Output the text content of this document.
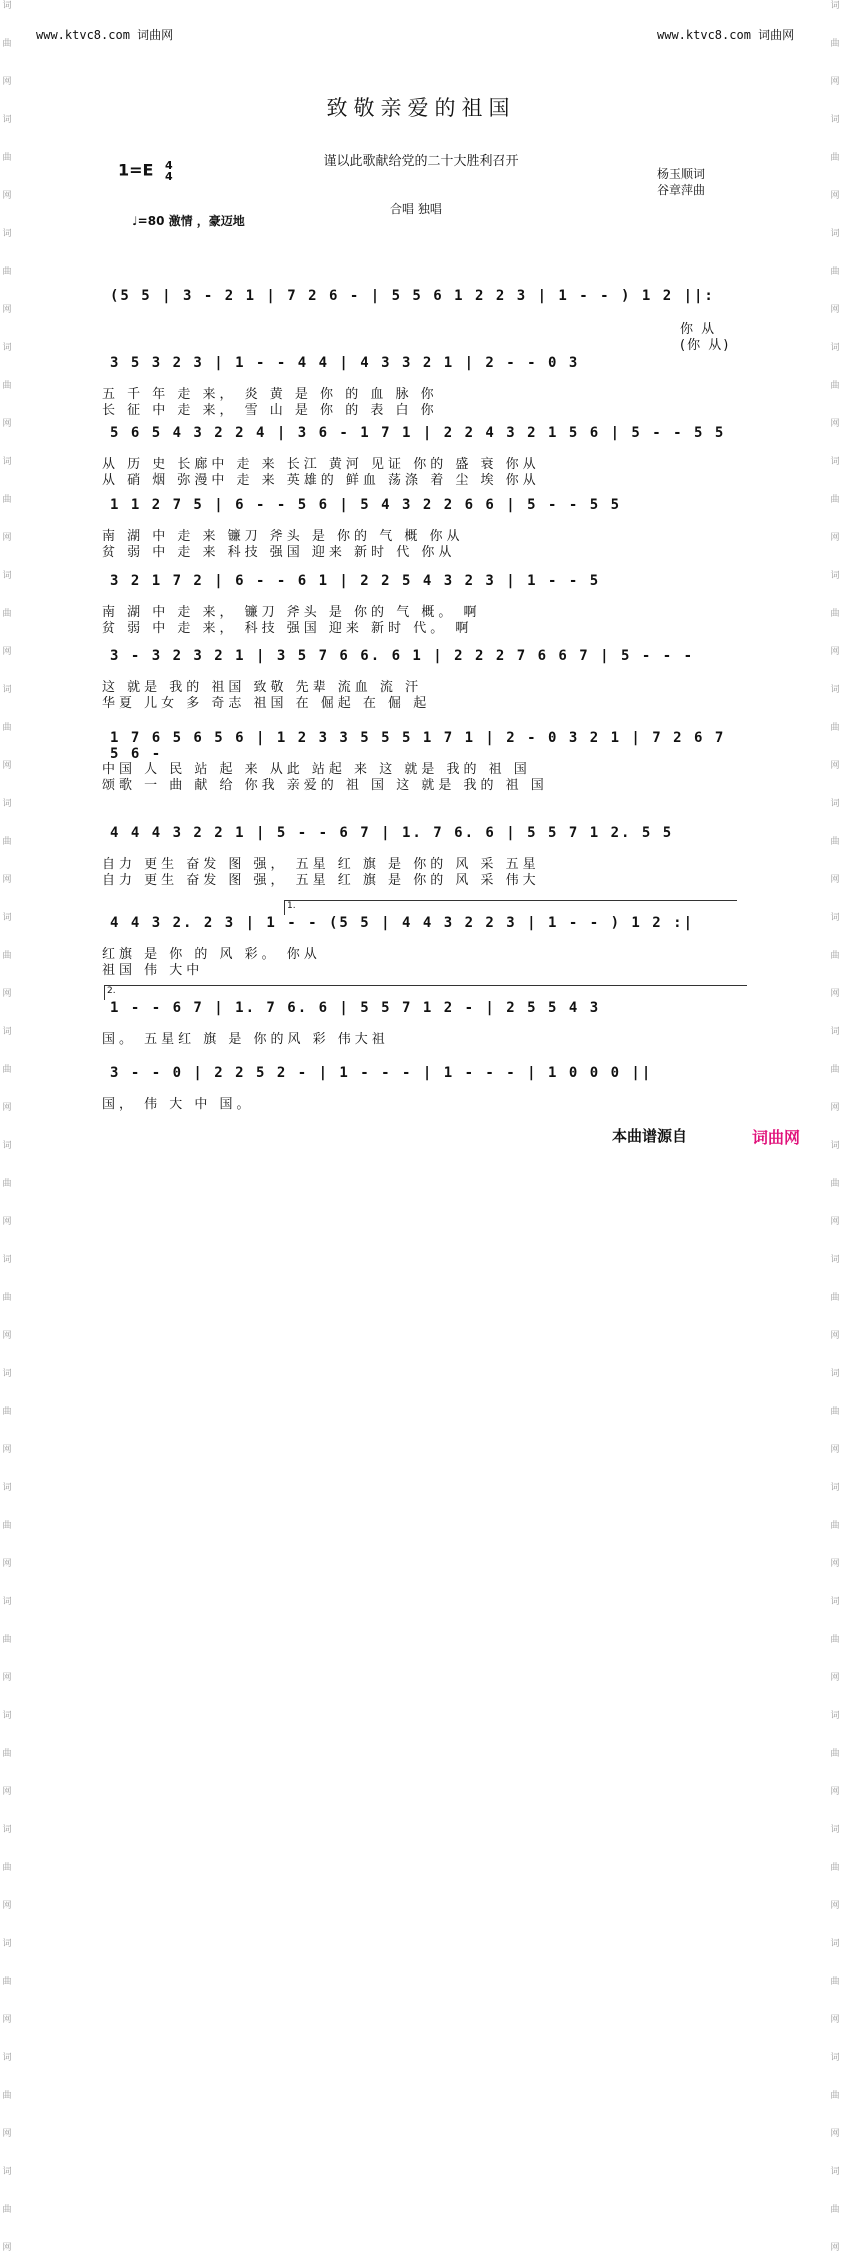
词
曲
网
词
曲
网
词
曲
网
词
曲
网
词
曲
网
词
曲
网
词
曲
网
词
曲
网
词
曲
网
词
曲
网
词
曲
网
词
曲
网
词
曲
网
词
曲
网
词
曲
网
词
曲
网
词
曲
网
词
曲
网
词
曲
网
词
曲
网
词
曲
网
词
曲
网
词
曲
网
词
曲
网
词
曲
网
词
曲
网
词
曲
网
词
曲
网
词
曲
网
词
曲
网
词
曲
网
词
曲
网
词
曲
网
词
曲
网
词
曲
网
词
曲
网
词
曲
网
词
曲
网
词
曲
网
词
曲
网
www.ktvc8.com 词曲网	www.ktvc8.com 词曲网
致敬亲爱的祖国
谨以此歌献给党的二十大胜利召开
1=E 4
4	杨玉顺词
谷章萍曲
合唱 独唱
♩=80 激情 ，豪迈地
(5 5 | 3 - 2 1 | 7 2 6 - | 5 5 6 1 2 2 3 | 1 - - ) 1 2 ||:
你 从
(你 从)
3 5 3 2 3 | 1 - - 4 4 | 4 3 3 2 1 | 2 - - 0 3
五 千 年 走 来， 炎 黄 是 你 的 血 脉 你
长 征 中 走 来， 雪 山 是 你 的 表 白 你
5 6 5 4 3 2 2 4 | 3 6 - 1 7 1 | 2 2 4 3 2 1 5 6 | 5 - - 5 5
从 历 史 长廊中 走 来 长江 黄河 见证 你的 盛 衰 你从
从 硝 烟 弥漫中 走 来 英雄的 鲜血 荡涤 着 尘 埃 你从
1 1 2 7 5 | 6 - - 5 6 | 5 4 3 2 2 6 6 | 5 - - 5 5
南 湖 中 走 来 镰刀 斧头 是 你的 气 概 你从
贫 弱 中 走 来 科技 强国 迎来 新时 代 你从
3 2 1 7 2 | 6 - - 6 1 | 2 2 5 4 3 2 3 | 1 - - 5
南 湖 中 走 来， 镰刀 斧头 是 你的 气 概。 啊
贫 弱 中 走 来， 科技 强国 迎来 新时 代。 啊
3 - 3 2 3 2 1 | 3 5 7 6 6. 6 1 | 2 2 2 7 6 6 7 | 5 - - -
这 就是 我的 祖国 致敬 先辈 流血 流 汗
华夏 儿女 多 奇志 祖国 在 倔起 在 倔 起
1 7 6 5 6 5 6 | 1 2 3 3 5 5 5 1 7 1 | 2 - 0 3 2 1 | 7 2 6 7 5 6 -
中国 人 民 站 起 来 从此 站起 来 这 就是 我的 祖 国
颂歌 一 曲 献 给 你我 亲爱的 祖 国 这 就是 我的 祖 国
4 4 4 3 2 2 1 | 5 - - 6 7 | 1. 7 6. 6 | 5 5 7 1 2. 5 5
自力 更生 奋发 图 强， 五星 红 旗 是 你的 风 采 五星
自力 更生 奋发 图 强， 五星 红 旗 是 你的 风 采 伟大
4 4 3 2. 2 3 | 1 - - (5 5 | 4 4 3 2 2 3 | 1 - - ) 1 2 :|
红旗 是 你 的 风 彩。 你从
祖国 伟 大中
1 - - 6 7 | 1. 7 6. 6 | 5 5 7 1 2 - | 2 5 5 4 3
国。 五星红 旗 是 你的风 彩 伟大祖
3 - - 0 | 2 2 5 2 - | 1 - - - | 1 - - - | 1 0 0 0 ||
国， 伟 大 中 国。
1.
2.
本曲谱源自	词曲网
